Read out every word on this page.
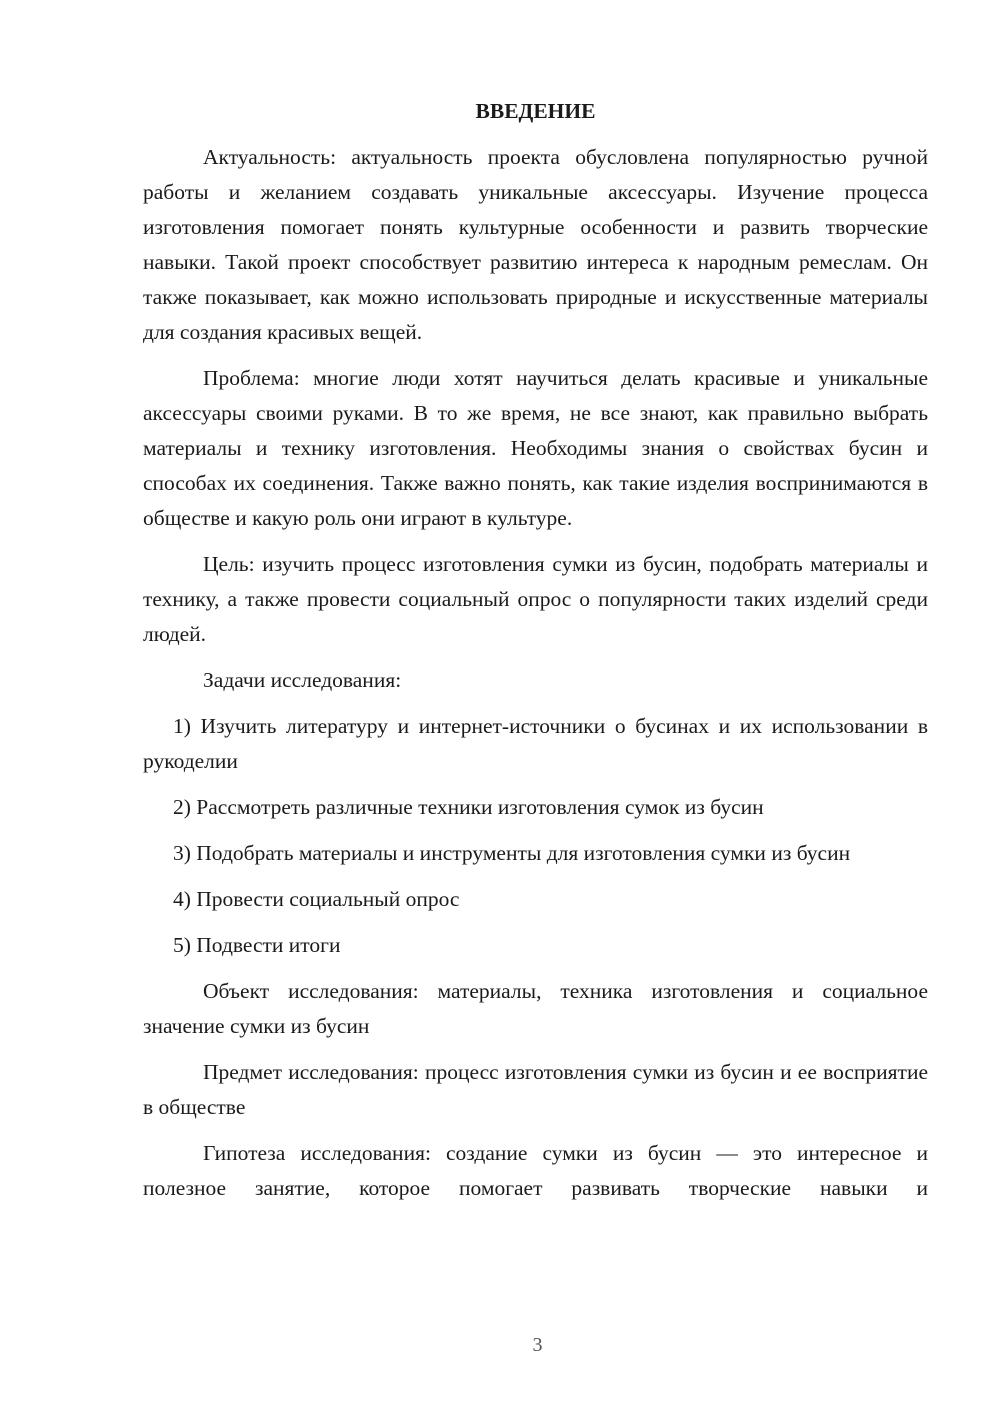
ВВЕДЕНИЕ

Актуальность: актуальность проекта обусловлена популярностью ручной работы и желанием создавать уникальные аксессуары. Изучение процесса изготовления помогает понять культурные особенности и развить творческие навыки. Такой проект способствует развитию интереса к народным ремеслам. Он также показывает, как можно использовать природные и искусственные материалы для создания красивых вещей.

Проблема: многие люди хотят научиться делать красивые и уникальные аксессуары своими руками. В то же время, не все знают, как правильно выбрать материалы и технику изготовления. Необходимы знания о свойствах бусин и способах их соединения. Также важно понять, как такие изделия воспринимаются в обществе и какую роль они играют в культуре.

Цель: изучить процесс изготовления сумки из бусин, подобрать материалы и технику, а также провести социальный опрос о популярности таких изделий среди людей.

Задачи исследования:

1) Изучить литературу и интернет-источники о бусинах и их использовании в рукоделии

2) Рассмотреть различные техники изготовления сумок из бусин

3) Подобрать материалы и инструменты для изготовления сумки из бусин

4) Провести социальный опрос

5) Подвести итоги

Объект исследования: материалы, техника изготовления и социальное значение сумки из бусин

Предмет исследования: процесс изготовления сумки из бусин и ее восприятие в обществе

Гипотеза исследования: создание сумки из бусин — это интересное и полезное занятие, которое помогает развивать творческие навыки и

3
